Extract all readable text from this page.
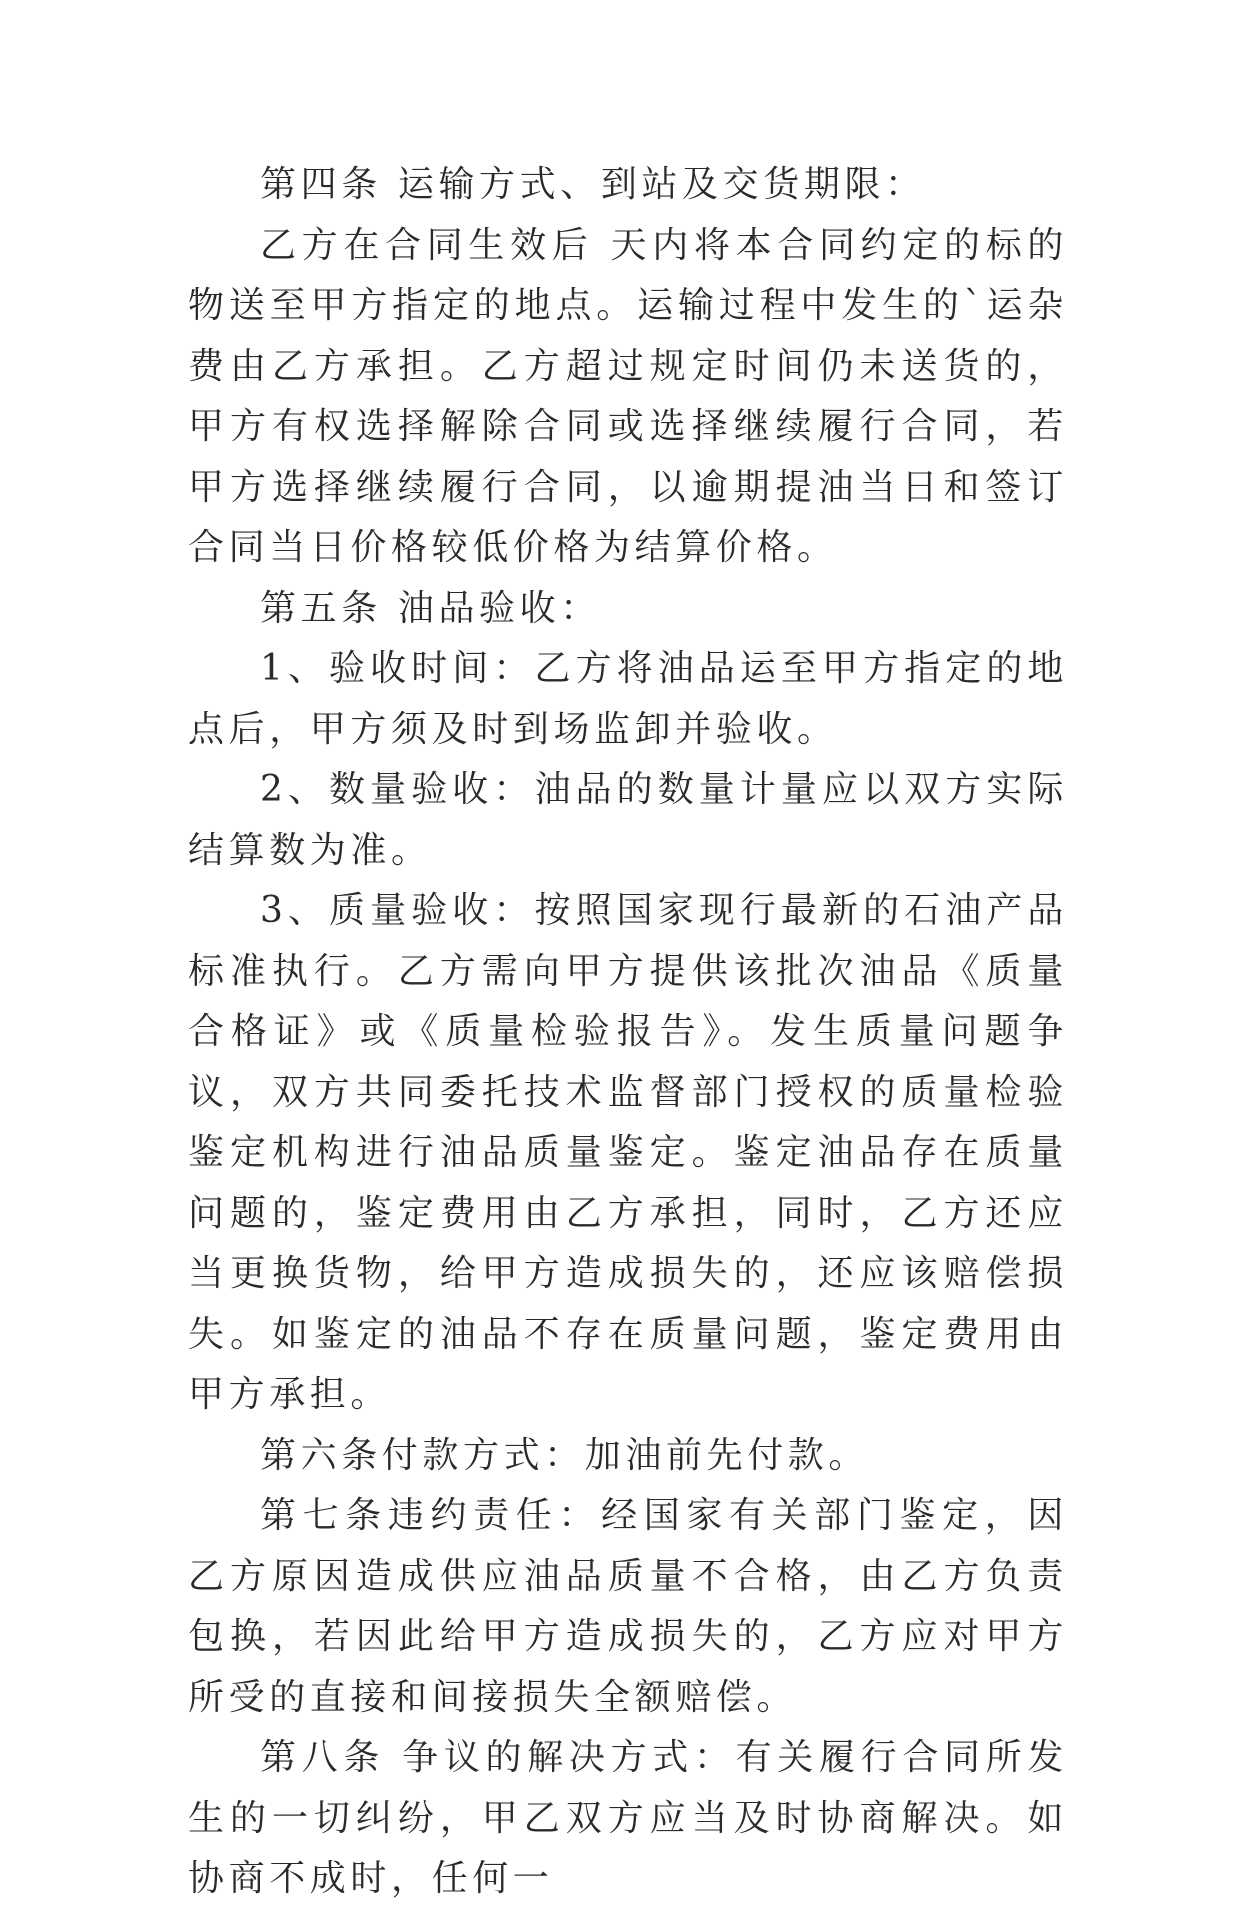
第四条 运输方式、到站及交货期限：

乙方在合同生效后 天内将本合同约定的标的物送至甲方指定的地点。运输过程中发生的`运杂费由乙方承担。乙方超过规定时间仍未送货的，甲方有权选择解除合同或选择继续履行合同，若甲方选择继续履行合同，以逾期提油当日和签订合同当日价格较低价格为结算价格。

第五条 油品验收：

1、验收时间：乙方将油品运至甲方指定的地点后，甲方须及时到场监卸并验收。

2、数量验收：油品的数量计量应以双方实际结算数为准。

3、质量验收：按照国家现行最新的石油产品标准执行。乙方需向甲方提供该批次油品《质量合格证》或《质量检验报告》。发生质量问题争议，双方共同委托技术监督部门授权的质量检验鉴定机构进行油品质量鉴定。鉴定油品存在质量问题的，鉴定费用由乙方承担，同时，乙方还应当更换货物，给甲方造成损失的，还应该赔偿损失。如鉴定的油品不存在质量问题，鉴定费用由甲方承担。

第六条付款方式：加油前先付款。

第七条违约责任：经国家有关部门鉴定，因乙方原因造成供应油品质量不合格，由乙方负责包换，若因此给甲方造成损失的，乙方应对甲方所受的直接和间接损失全额赔偿。

第八条 争议的解决方式：有关履行合同所发生的一切纠纷，甲乙双方应当及时协商解决。如协商不成时，任何一
